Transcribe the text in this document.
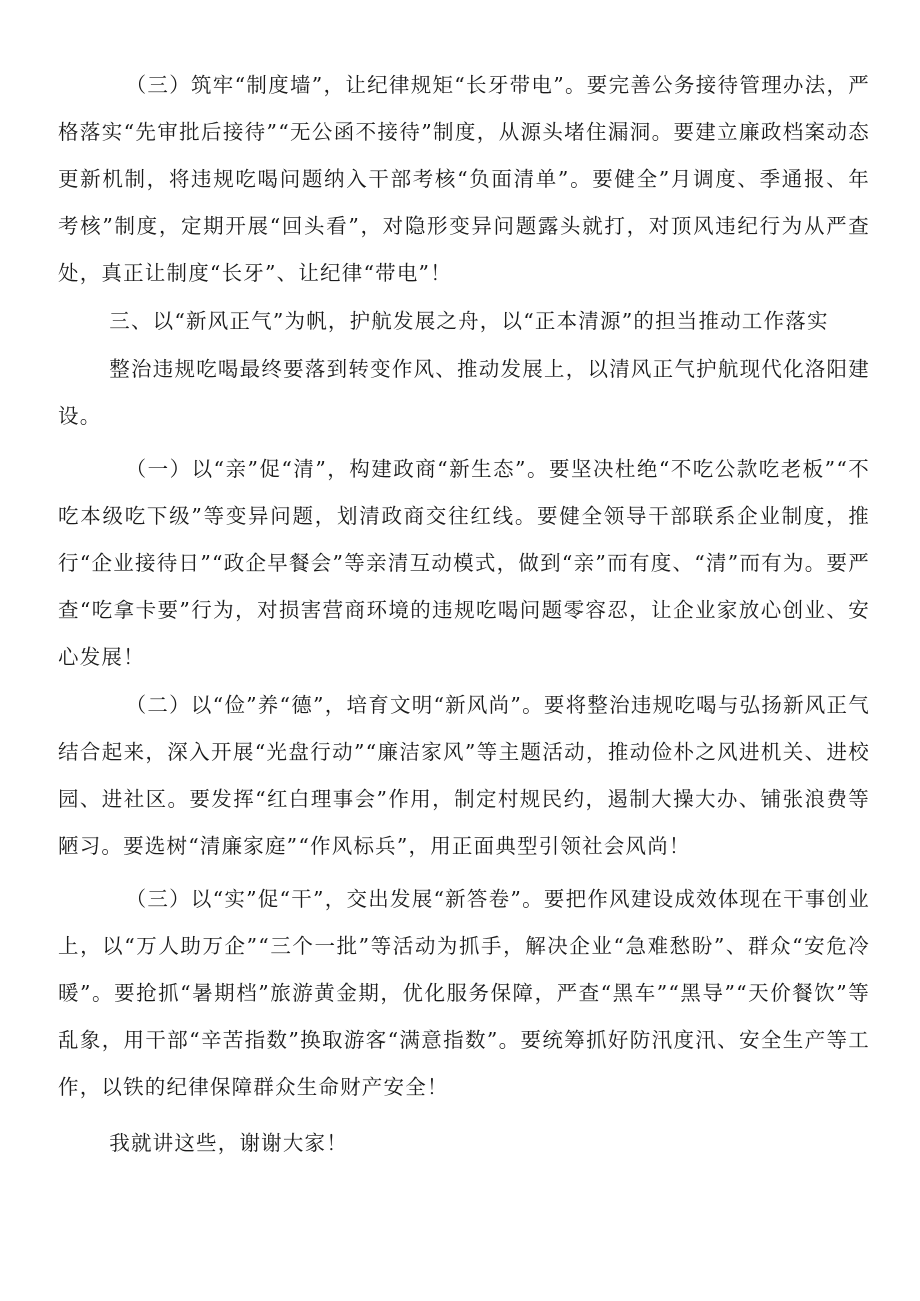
（三）筑牢“制度墙”，让纪律规矩“长牙带电”。要完善公务接待管理办法，严格落实“先审批后接待”“无公函不接待”制度，从源头堵住漏洞。要建立廉政档案动态更新机制，将违规吃喝问题纳入干部考核“负面清单”。要健全”月调度、季通报、年考核”制度，定期开展“回头看”，对隐形变异问题露头就打，对顶风违纪行为从严查处，真正让制度“长牙”、让纪律“带电”！

三、以“新风正气”为帆，护航发展之舟，以“正本清源”的担当推动工作落实

整治违规吃喝最终要落到转变作风、推动发展上，以清风正气护航现代化洛阳建设。

（一）以“亲”促“清”，构建政商“新生态”。要坚决杜绝“不吃公款吃老板”“不吃本级吃下级”等变异问题，划清政商交往红线。要健全领导干部联系企业制度，推行“企业接待日”“政企早餐会”等亲清互动模式，做到“亲”而有度、“清”而有为。要严查“吃拿卡要”行为，对损害营商环境的违规吃喝问题零容忍，让企业家放心创业、安心发展！

（二）以“俭”养“德”，培育文明“新风尚”。要将整治违规吃喝与弘扬新风正气结合起来，深入开展“光盘行动”“廉洁家风”等主题活动，推动俭朴之风进机关、进校园、进社区。要发挥“红白理事会”作用，制定村规民约，遏制大操大办、铺张浪费等陋习。要选树“清廉家庭”“作风标兵”，用正面典型引领社会风尚！

（三）以“实”促“干”，交出发展“新答卷”。要把作风建设成效体现在干事创业上，以“万人助万企”“三个一批”等活动为抓手，解决企业“急难愁盼”、群众“安危冷暖”。要抢抓“暑期档”旅游黄金期，优化服务保障，严查“黑车”“黑导”“天价餐饮”等乱象，用干部“辛苦指数”换取游客“满意指数”。要统筹抓好防汛度汛、安全生产等工作，以铁的纪律保障群众生命财产安全！

我就讲这些，谢谢大家！
